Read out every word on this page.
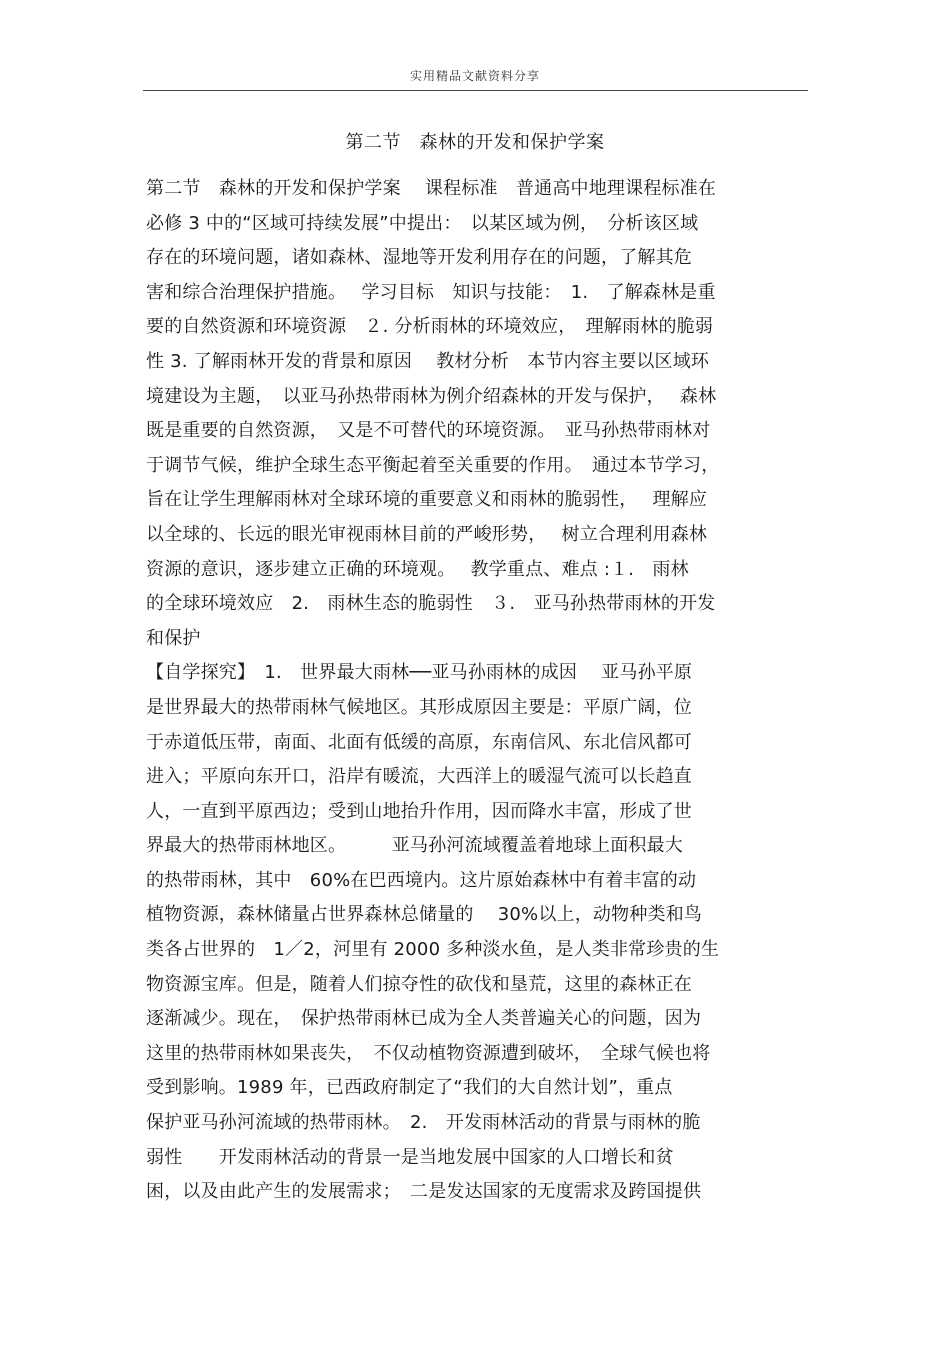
实用精品文献资料分享
第二节　森林的开发和保护学案
第二节　森林的开发和保护学案　 课程标准　普通高中地理课程标准在
必修 3 中的“区域可持续发展”中提出：　以某区域为例，　分析该区域
存在的环境问题，诸如森林、湿地等开发利用存在的问题，了解其危
害和综合治理保护措施。　 学习目标　知识与技能：　1.　了解森林是重
要的自然资源和环境资源　２. 分析雨林的环境效应，　理解雨林的脆弱
性 3. 了解雨林开发的背景和原因　 教材分析　本节内容主要以区域环
境建设为主题，　以亚马孙热带雨林为例介绍森林的开发与保护，　 森林
既是重要的自然资源，　又是不可替代的环境资源。　亚马孙热带雨林对
于调节气候，维护全球生态平衡起着至关重要的作用。　通过本节学习，
旨在让学生理解雨林对全球环境的重要意义和雨林的脆弱性，　 理解应
以全球的、长远的眼光审视雨林目前的严峻形势，　 树立合理利用森林
资源的意识，逐步建立正确的环境观。　 教学重点、难点 :１.　雨林
的全球环境效应　2.　雨林生态的脆弱性　３.　亚马孙热带雨林的开发
和保护
【自学探究】　1.　世界最大雨林──亚马孙雨林的成因　 亚马孙平原
是世界最大的热带雨林气候地区。其形成原因主要是：平原广阔，位
于赤道低压带，南面、北面有低缓的高原，东南信风、东北信风都可
进入；平原向东开口，沿岸有暖流，大西洋上的暖湿气流可以长趋直
人，一直到平原西边；受到山地抬升作用，因而降水丰富，形成了世
界最大的热带雨林地区。　　　亚马孙河流域覆盖着地球上面积最大
的热带雨林，其中　60%在巴西境内。这片原始森林中有着丰富的动
植物资源，森林储量占世界森林总储量的　 30%以上，动物种类和鸟
类各占世界的　1／2，河里有 2000 多种淡水鱼，是人类非常珍贵的生
物资源宝库。但是，随着人们掠夺性的砍伐和垦荒，这里的森林正在
逐渐减少。现在，　保护热带雨林已成为全人类普遍关心的问题，因为
这里的热带雨林如果丧失，　不仅动植物资源遭到破坏，　全球气候也将
受到影响。1989 年，已西政府制定了“我们的大自然计划”，重点
保护亚马孙河流域的热带雨林。　2.　开发雨林活动的背景与雨林的脆
弱性　　开发雨林活动的背景一是当地发展中国家的人口增长和贫
困，以及由此产生的发展需求；　二是发达国家的无度需求及跨国提供
